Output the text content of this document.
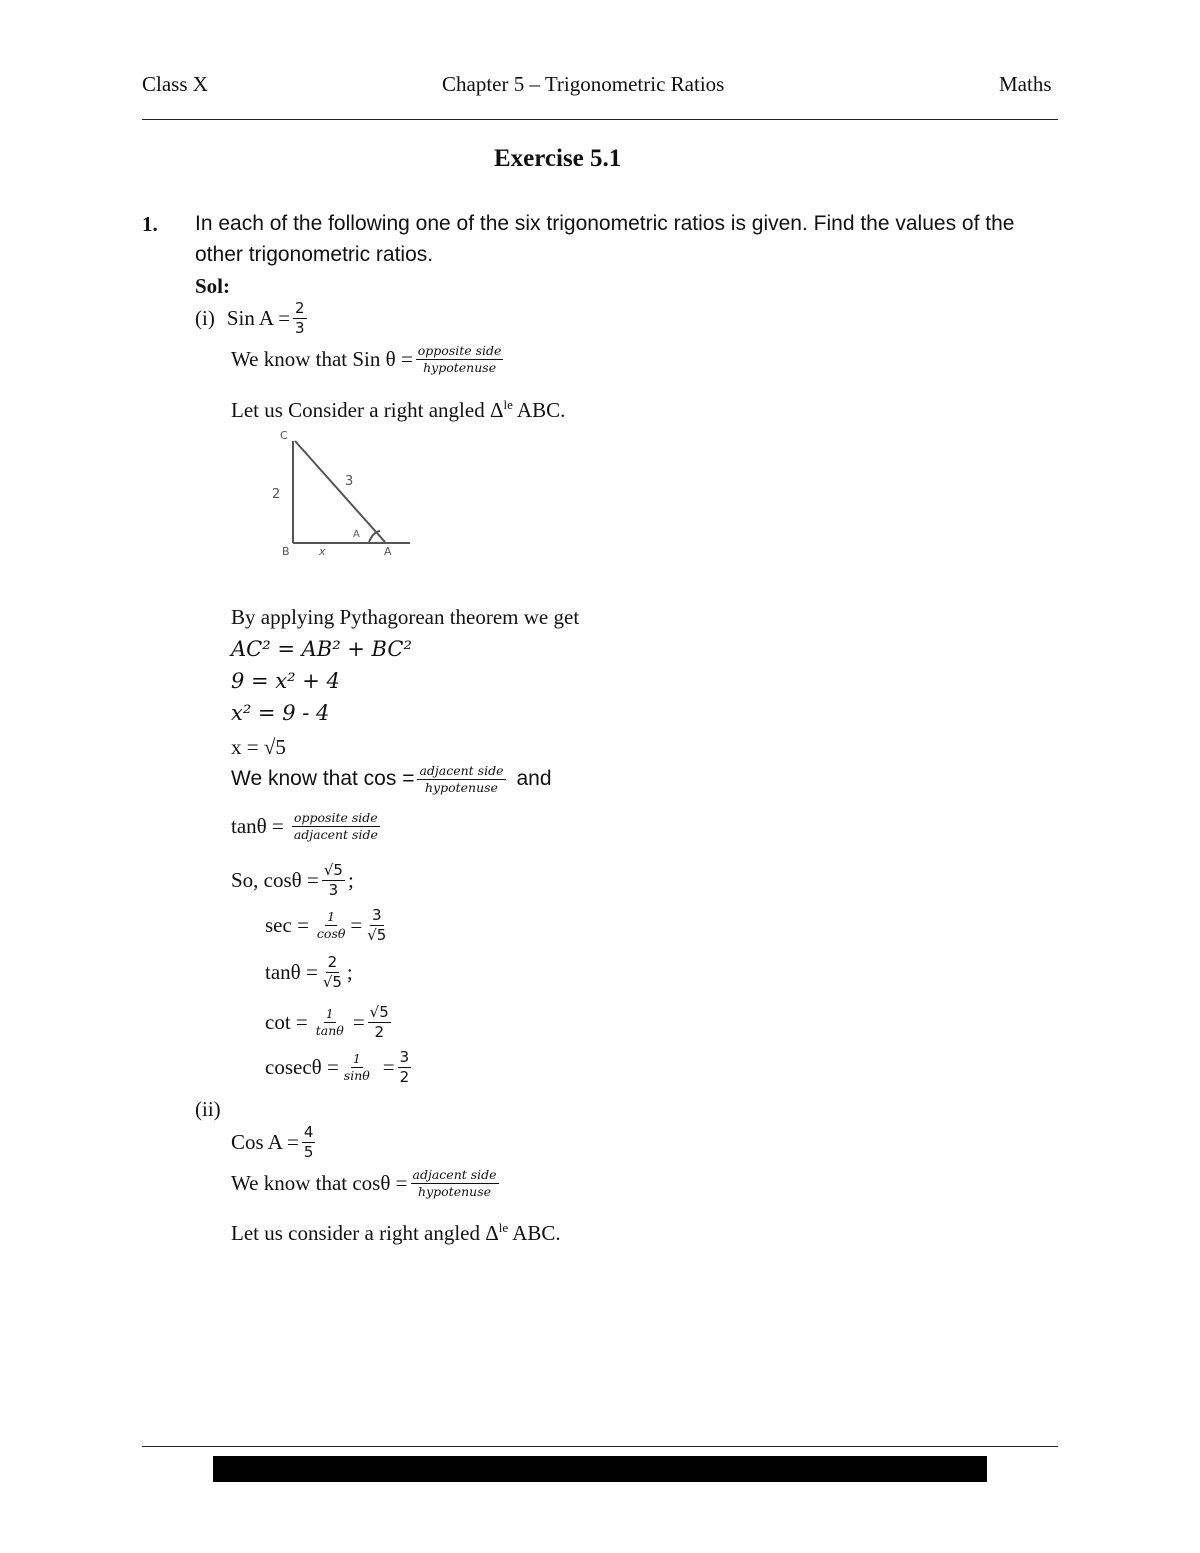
Class X	Chapter 5 – Trigonometric Ratios	Maths
Exercise 5.1
1. In each of the following one of the six trigonometric ratios is given. Find the values of the
other trigonometric ratios.
Sol:
(i) Sin $A = \frac{2}{3}$
We know that Sin $\theta = \frac{\text{opposite side}}{\text{hypotenuse}}$
Let us Consider a right angled $\Delta^{le}$ ABC.
C
2
3
A
B	x	A
By applying Pythagorean theorem we get
AC² = AB² + BC²
9 = x² + 4
x² = 9 - 4
x = √5
We know that $\cos = \frac{\text{adjacent side}}{\text{hypotenuse}}$ and
$\tan\theta = \frac{\text{opposite side}}{\text{adjacent side}}$
So, $\cos\theta = \frac{√5}{3}$ ;
$\sec = \frac{1}{\cos\theta} = \frac{3}{√5}$
$\tan\theta = \frac{2}{√5}$ ;
$\cot = \frac{1}{\tan\theta} = \frac{√5}{2}$
$cosec\theta = \frac{1}{\sin\theta} = \frac{3}{2}$
(ii)
Cos $A = \frac{4}{5}$
We know that $\cos\theta = \frac{\text{adjacent side}}{\text{hypotenuse}}$
Let us consider a right angled $\Delta^{le}$ ABC.
